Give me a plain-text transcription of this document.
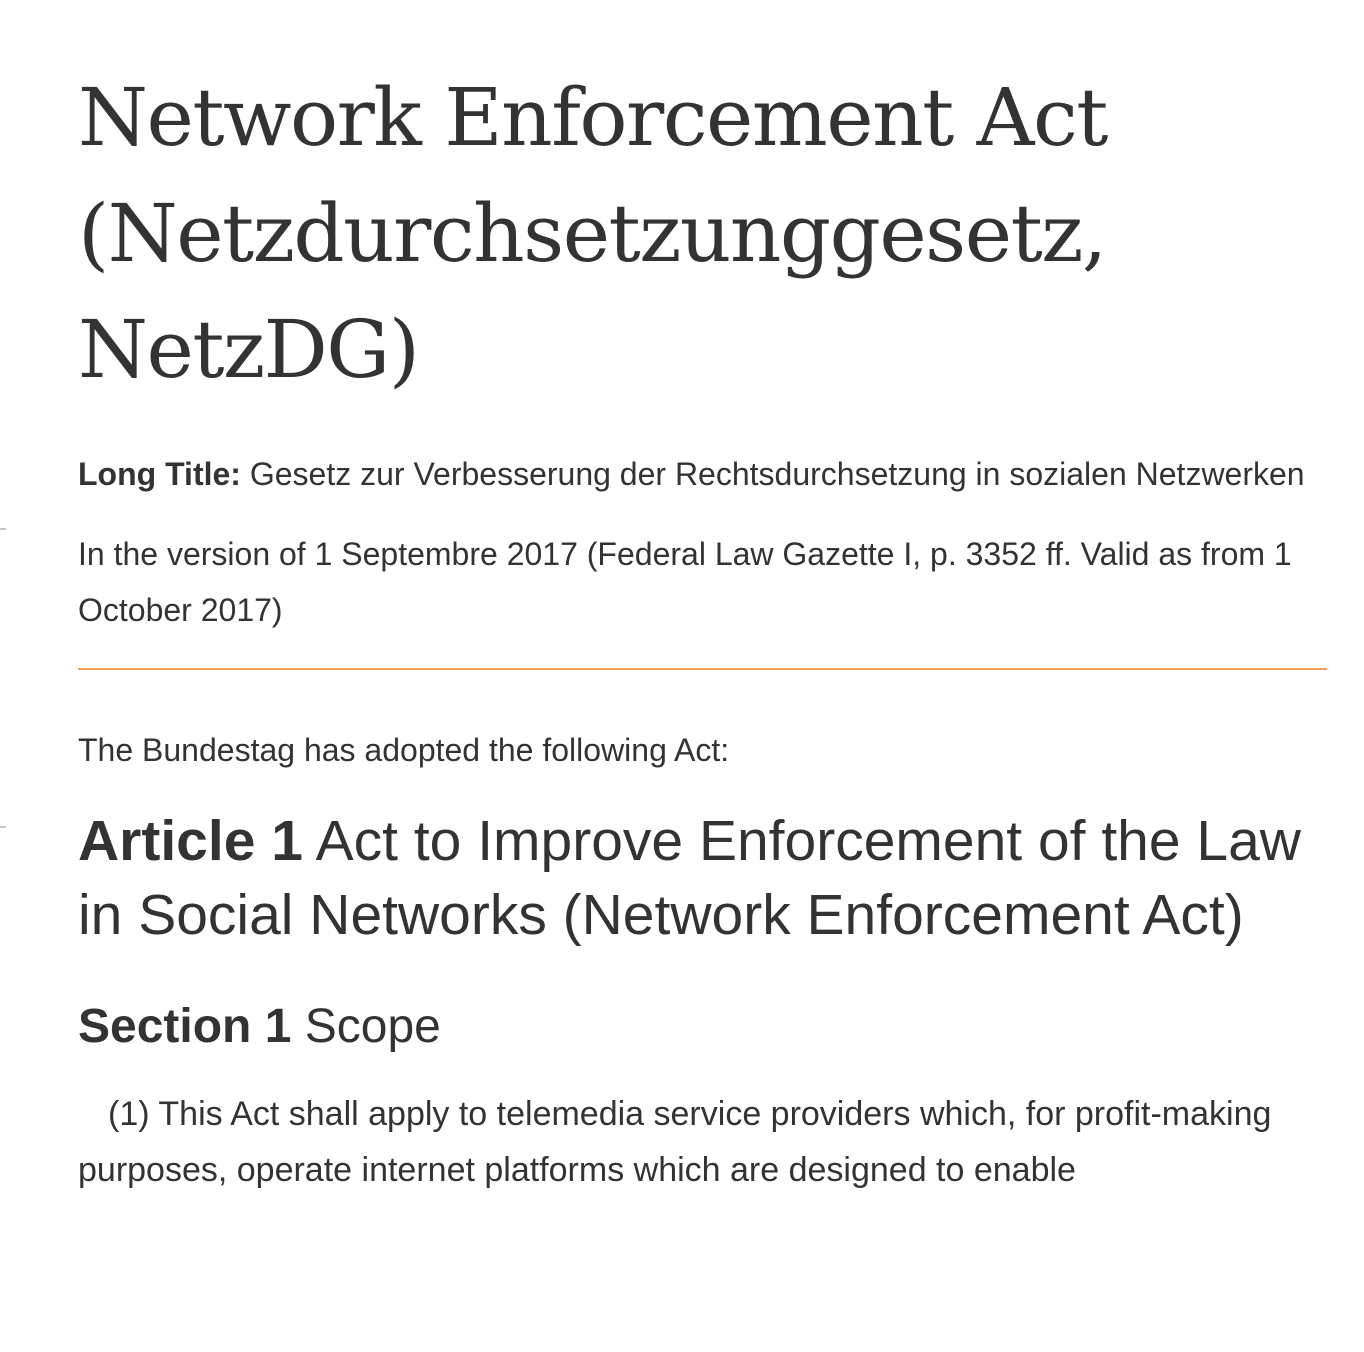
Network Enforcement Act
(Netzdurchsetzunggesetz,
NetzDG)

Long Title: Gesetz zur Verbesserung der Rechtsdurchsetzung in sozialen Netzwerken

In the version of 1 Septembre 2017 (Federal Law Gazette I, p. 3352 ff. Valid as from 1 October 2017)

The Bundestag has adopted the following Act:

Article 1 Act to Improve Enforcement of the Law in Social Networks (Network Enforcement Act)
Section 1 Scope

(1) This Act shall apply to telemedia service providers which, for profit-making purposes, operate internet platforms which are designed to enable
